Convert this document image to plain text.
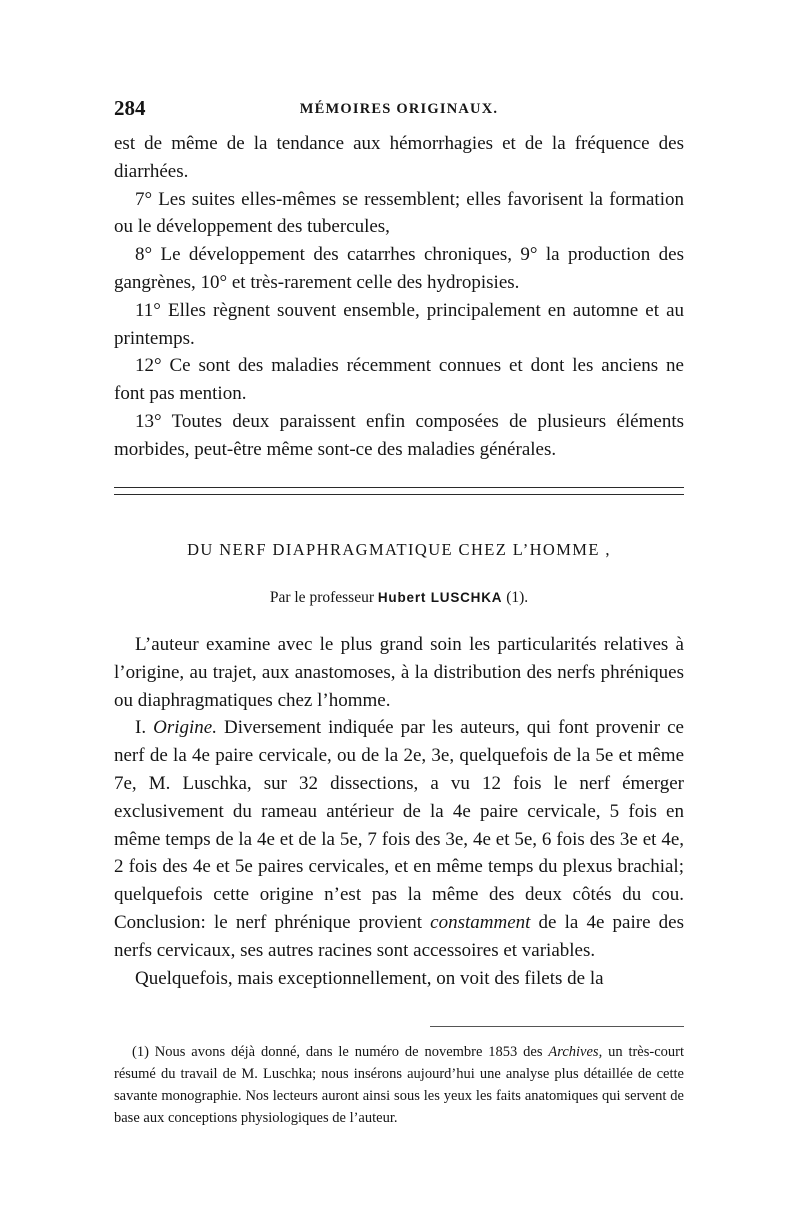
284	MÉMOIRES ORIGINAUX.

est de même de la tendance aux hémorrhagies et de la fréquence des diarrhées.

7° Les suites elles-mêmes se ressemblent; elles favorisent la formation ou le développement des tubercules,

8° Le développement des catarrhes chroniques, 9° la production des gangrènes, 10° et très-rarement celle des hydropisies.

11° Elles règnent souvent ensemble, principalement en automne et au printemps.

12° Ce sont des maladies récemment connues et dont les anciens ne font pas mention.

13° Toutes deux paraissent enfin composées de plusieurs éléments morbides, peut-être même sont-ce des maladies générales.

DU NERF DIAPHRAGMATIQUE CHEZ L’HOMME ,
Par le professeur Hubert LUSCHKA (1).

L’auteur examine avec le plus grand soin les particularités relatives à l’origine, au trajet, aux anastomoses, à la distribution des nerfs phréniques ou diaphragmatiques chez l’homme.

I. Origine. Diversement indiquée par les auteurs, qui font provenir ce nerf de la 4e paire cervicale, ou de la 2e, 3e, quelquefois de la 5e et même 7e, M. Luschka, sur 32 dissections, a vu 12 fois le nerf émerger exclusivement du rameau antérieur de la 4e paire cervicale, 5 fois en même temps de la 4e et de la 5e, 7 fois des 3e, 4e et 5e, 6 fois des 3e et 4e, 2 fois des 4e et 5e paires cervicales, et en même temps du plexus brachial; quelquefois cette origine n’est pas la même des deux côtés du cou. Conclusion: le nerf phrénique provient constamment de la 4e paire des nerfs cervicaux, ses autres racines sont accessoires et variables.

Quelquefois, mais exceptionnellement, on voit des filets de la

(1) Nous avons déjà donné, dans le numéro de novembre 1853 des Archives, un très-court résumé du travail de M. Luschka; nous insérons aujourd’hui une analyse plus détaillée de cette savante monographie. Nos lecteurs auront ainsi sous les yeux les faits anatomiques qui servent de base aux conceptions physiologiques de l’auteur.
